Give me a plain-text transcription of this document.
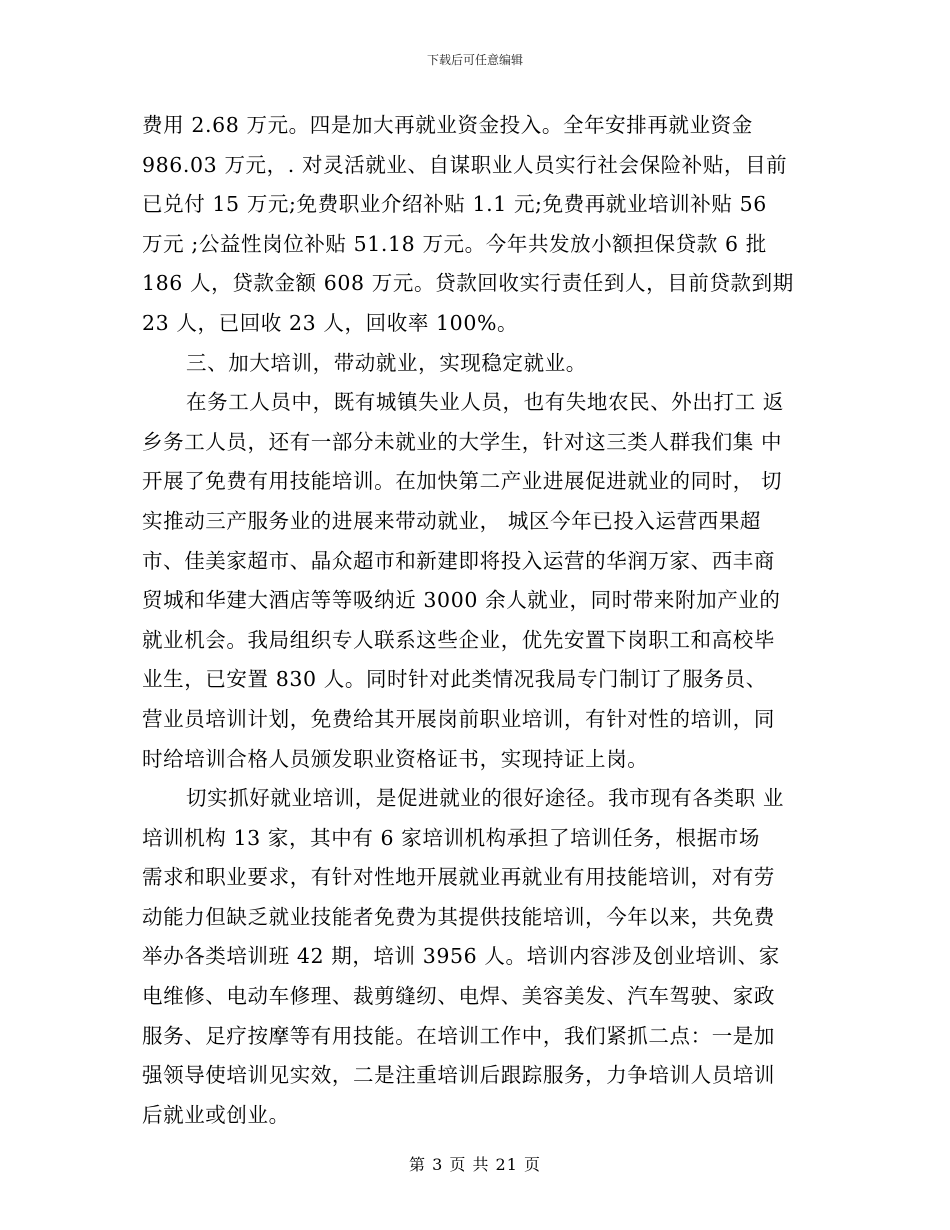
下载后可任意编辑
费用 2.68 万元。四是加大再就业资金投入。全年安排再就业资金
986.03 万元，. 对灵活就业、自谋职业人员实行社会保险补贴，目前
已兑付 15 万元;免费职业介绍补贴 1.1 元;免费再就业培训补贴 56
万元 ;公益性岗位补贴 51.18 万元。今年共发放小额担保贷款 6 批
186 人，贷款金额 608 万元。贷款回收实行责任到人，目前贷款到期
23 人，已回收 23 人，回收率 100%。
三、加大培训，带动就业，实现稳定就业。
在务工人员中，既有城镇失业人员，也有失地农民、外出打工 返
乡务工人员，还有一部分未就业的大学生，针对这三类人群我们集 中
开展了免费有用技能培训。在加快第二产业进展促进就业的同时， 切
实推动三产服务业的进展来带动就业， 城区今年已投入运营西果超
市、佳美家超市、晶众超市和新建即将投入运营的华润万家、西丰商
贸城和华建大酒店等等吸纳近 3000 余人就业，同时带来附加产业的
就业机会。我局组织专人联系这些企业，优先安置下岗职工和高校毕
业生，已安置 830 人。同时针对此类情况我局专门制订了服务员、
营业员培训计划，免费给其开展岗前职业培训，有针对性的培训，同
时给培训合格人员颁发职业资格证书，实现持证上岗。
切实抓好就业培训，是促进就业的很好途径。我市现有各类职 业
培训机构 13 家，其中有 6 家培训机构承担了培训任务，根据市场
需求和职业要求，有针对性地开展就业再就业有用技能培训，对有劳
动能力但缺乏就业技能者免费为其提供技能培训，今年以来，共免费
举办各类培训班 42 期，培训 3956 人。培训内容涉及创业培训、家
电维修、电动车修理、裁剪缝纫、电焊、美容美发、汽车驾驶、家政
服务、足疗按摩等有用技能。在培训工作中，我们紧抓二点：一是加
强领导使培训见实效，二是注重培训后跟踪服务，力争培训人员培训
后就业或创业。
第 3 页 共 21 页
